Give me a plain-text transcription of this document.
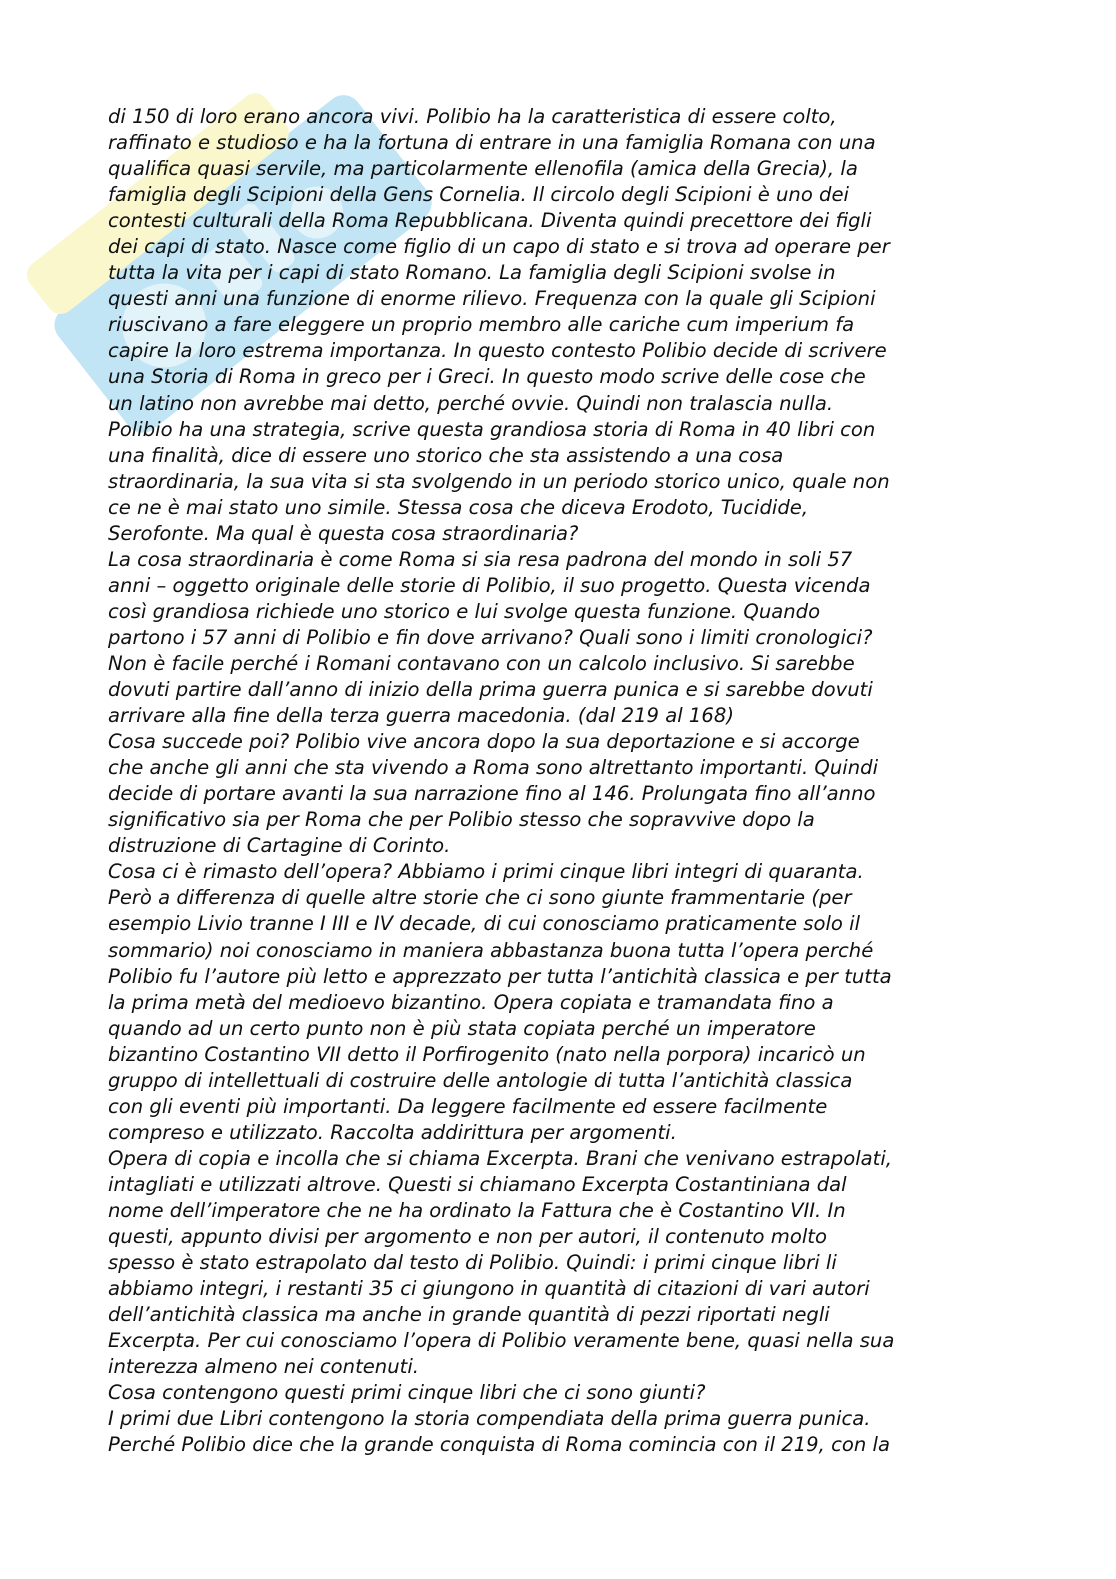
di 150 di loro erano ancora vivi. Polibio ha la caratteristica di essere colto,
raffinato e studioso e ha la fortuna di entrare in una famiglia Romana con una
qualifica quasi servile, ma particolarmente ellenofila (amica della Grecia), la
famiglia degli Scipioni della Gens Cornelia. Il circolo degli Scipioni è uno dei
contesti culturali della Roma Repubblicana. Diventa quindi precettore dei figli
dei capi di stato. Nasce come figlio di un capo di stato e si trova ad operare per
tutta la vita per i capi di stato Romano. La famiglia degli Scipioni svolse in
questi anni una funzione di enorme rilievo. Frequenza con la quale gli Scipioni
riuscivano a fare eleggere un proprio membro alle cariche cum imperium fa
capire la loro estrema importanza. In questo contesto Polibio decide di scrivere
una Storia di Roma in greco per i Greci. In questo modo scrive delle cose che
un latino non avrebbe mai detto, perché ovvie. Quindi non tralascia nulla.
Polibio ha una strategia, scrive questa grandiosa storia di Roma in 40 libri con
una finalità, dice di essere uno storico che sta assistendo a una cosa
straordinaria, la sua vita si sta svolgendo in un periodo storico unico, quale non
ce ne è mai stato uno simile. Stessa cosa che diceva Erodoto, Tucidide,
Serofonte. Ma qual è questa cosa straordinaria?
La cosa straordinaria è come Roma si sia resa padrona del mondo in soli 57
anni – oggetto originale delle storie di Polibio, il suo progetto. Questa vicenda
così grandiosa richiede uno storico e lui svolge questa funzione. Quando
partono i 57 anni di Polibio e fin dove arrivano? Quali sono i limiti cronologici?
Non è facile perché i Romani contavano con un calcolo inclusivo. Si sarebbe
dovuti partire dall’anno di inizio della prima guerra punica e si sarebbe dovuti
arrivare alla fine della terza guerra macedonia. (dal 219 al 168)
Cosa succede poi? Polibio vive ancora dopo la sua deportazione e si accorge
che anche gli anni che sta vivendo a Roma sono altrettanto importanti. Quindi
decide di portare avanti la sua narrazione fino al 146. Prolungata fino all’anno
significativo sia per Roma che per Polibio stesso che sopravvive dopo la
distruzione di Cartagine di Corinto.
Cosa ci è rimasto dell’opera? Abbiamo i primi cinque libri integri di quaranta.
Però a differenza di quelle altre storie che ci sono giunte frammentarie (per
esempio Livio tranne I III e IV decade, di cui conosciamo praticamente solo il
sommario) noi conosciamo in maniera abbastanza buona tutta l’opera perché
Polibio fu l’autore più letto e apprezzato per tutta l’antichità classica e per tutta
la prima metà del medioevo bizantino. Opera copiata e tramandata fino a
quando ad un certo punto non è più stata copiata perché un imperatore
bizantino Costantino VII detto il Porfirogenito (nato nella porpora) incaricò un
gruppo di intellettuali di costruire delle antologie di tutta l’antichità classica
con gli eventi più importanti. Da leggere facilmente ed essere facilmente
compreso e utilizzato. Raccolta addirittura per argomenti.
Opera di copia e incolla che si chiama Excerpta. Brani che venivano estrapolati,
intagliati e utilizzati altrove. Questi si chiamano Excerpta Costantiniana dal
nome dell’imperatore che ne ha ordinato la Fattura che è Costantino VII. In
questi, appunto divisi per argomento e non per autori, il contenuto molto
spesso è stato estrapolato dal testo di Polibio. Quindi: i primi cinque libri li
abbiamo integri, i restanti 35 ci giungono in quantità di citazioni di vari autori
dell’antichità classica ma anche in grande quantità di pezzi riportati negli
Excerpta. Per cui conosciamo l’opera di Polibio veramente bene, quasi nella sua
interezza almeno nei contenuti.
Cosa contengono questi primi cinque libri che ci sono giunti?
I primi due Libri contengono la storia compendiata della prima guerra punica.
Perché Polibio dice che la grande conquista di Roma comincia con il 219, con la
